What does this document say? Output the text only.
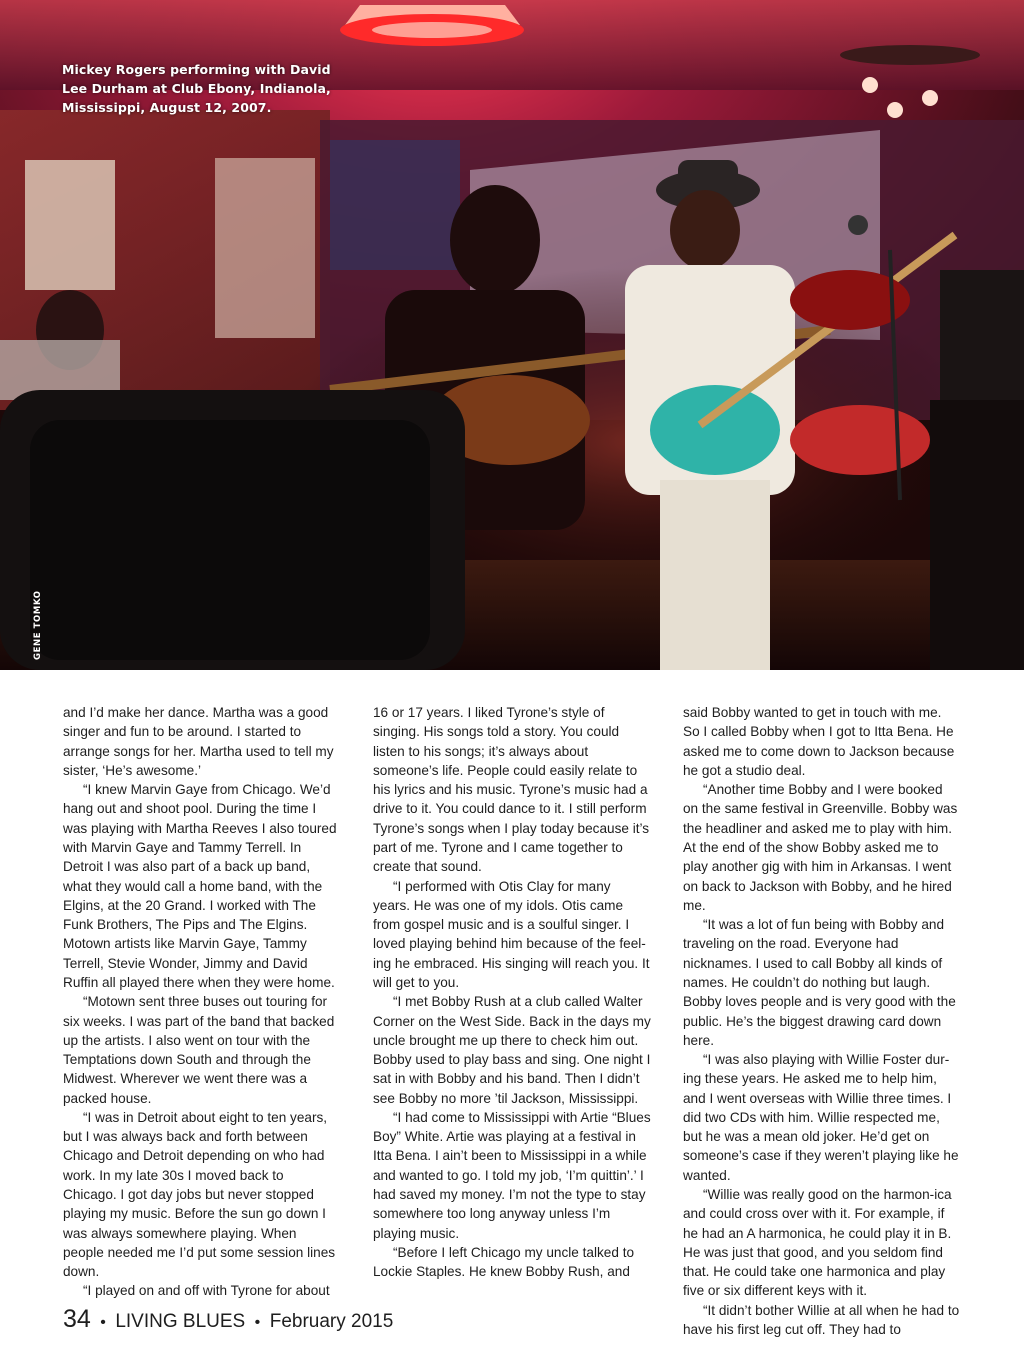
Mickey Rogers performing with David Lee Durham at Club Ebony, Indianola, Mississippi, August 12, 2007.
GENE TOMKO

and I’d make her dance. Martha was a good singer and fun to be around. I started to arrange songs for her. Martha used to tell my sister, ‘He’s awesome.’

“I knew Marvin Gaye from Chicago. We’d hang out and shoot pool. During the time I was playing with Martha Reeves I also toured with Marvin Gaye and Tammy Terrell. In Detroit I was also part of a back up band, what they would call a home band, with the Elgins, at the 20 Grand. I worked with The Funk Brothers, The Pips and The Elgins. Motown artists like Marvin Gaye, Tammy Terrell, Stevie Wonder, Jimmy and David Ruffin all played there when they were home.

“Motown sent three buses out touring for six weeks. I was part of the band that backed up the artists. I also went on tour with the Temptations down South and through the Midwest. Wherever we went there was a packed house.

“I was in Detroit about eight to ten years, but I was always back and forth between Chicago and Detroit depending on who had work. In my late 30s I moved back to Chicago. I got day jobs but never stopped playing my music. Before the sun go down I was always somewhere playing. When people needed me I’d put some session lines down.

“I played on and off with Tyrone for about

16 or 17 years. I liked Tyrone’s style of singing. His songs told a story. You could listen to his songs; it’s always about someone’s life. People could easily relate to his lyrics and his music. Tyrone’s music had a drive to it. You could dance to it. I still perform Tyrone’s songs when I play today because it’s part of me. Tyrone and I came together to create that sound.

“I performed with Otis Clay for many years. He was one of my idols. Otis came from gospel music and is a soulful singer. I loved playing behind him because of the feel-ing he embraced. His singing will reach you. It will get to you.

“I met Bobby Rush at a club called Walter Corner on the West Side. Back in the days my uncle brought me up there to check him out. Bobby used to play bass and sing. One night I sat in with Bobby and his band. Then I didn’t see Bobby no more ’til Jackson, Mississippi.

“I had come to Mississippi with Artie “Blues Boy” White. Artie was playing at a festival in Itta Bena. I ain’t been to Mississippi in a while and wanted to go. I told my job, ‘I’m quittin’.’ I had saved my money. I’m not the type to stay somewhere too long anyway unless I’m playing music.

“Before I left Chicago my uncle talked to Lockie Staples. He knew Bobby Rush, and

said Bobby wanted to get in touch with me. So I called Bobby when I got to Itta Bena. He asked me to come down to Jackson because he got a studio deal.

“Another time Bobby and I were booked on the same festival in Greenville. Bobby was the headliner and asked me to play with him. At the end of the show Bobby asked me to play another gig with him in Arkansas. I went on back to Jackson with Bobby, and he hired me.

“It was a lot of fun being with Bobby and traveling on the road. Everyone had nicknames. I used to call Bobby all kinds of names. He couldn’t do nothing but laugh. Bobby loves people and is very good with the public. He’s the biggest drawing card down here.

“I was also playing with Willie Foster dur-ing these years. He asked me to help him, and I went overseas with Willie three times. I did two CDs with him. Willie respected me, but he was a mean old joker. He’d get on someone’s case if they weren’t playing like he wanted.

“Willie was really good on the harmon-ica and could cross over with it. For example, if he had an A harmonica, he could play it in B. He was just that good, and you seldom find that. He could take one harmonica and play five or six different keys with it.

“It didn’t bother Willie at all when he had to have his first leg cut off. They had to

34 • LIVING BLUES • February 2015
